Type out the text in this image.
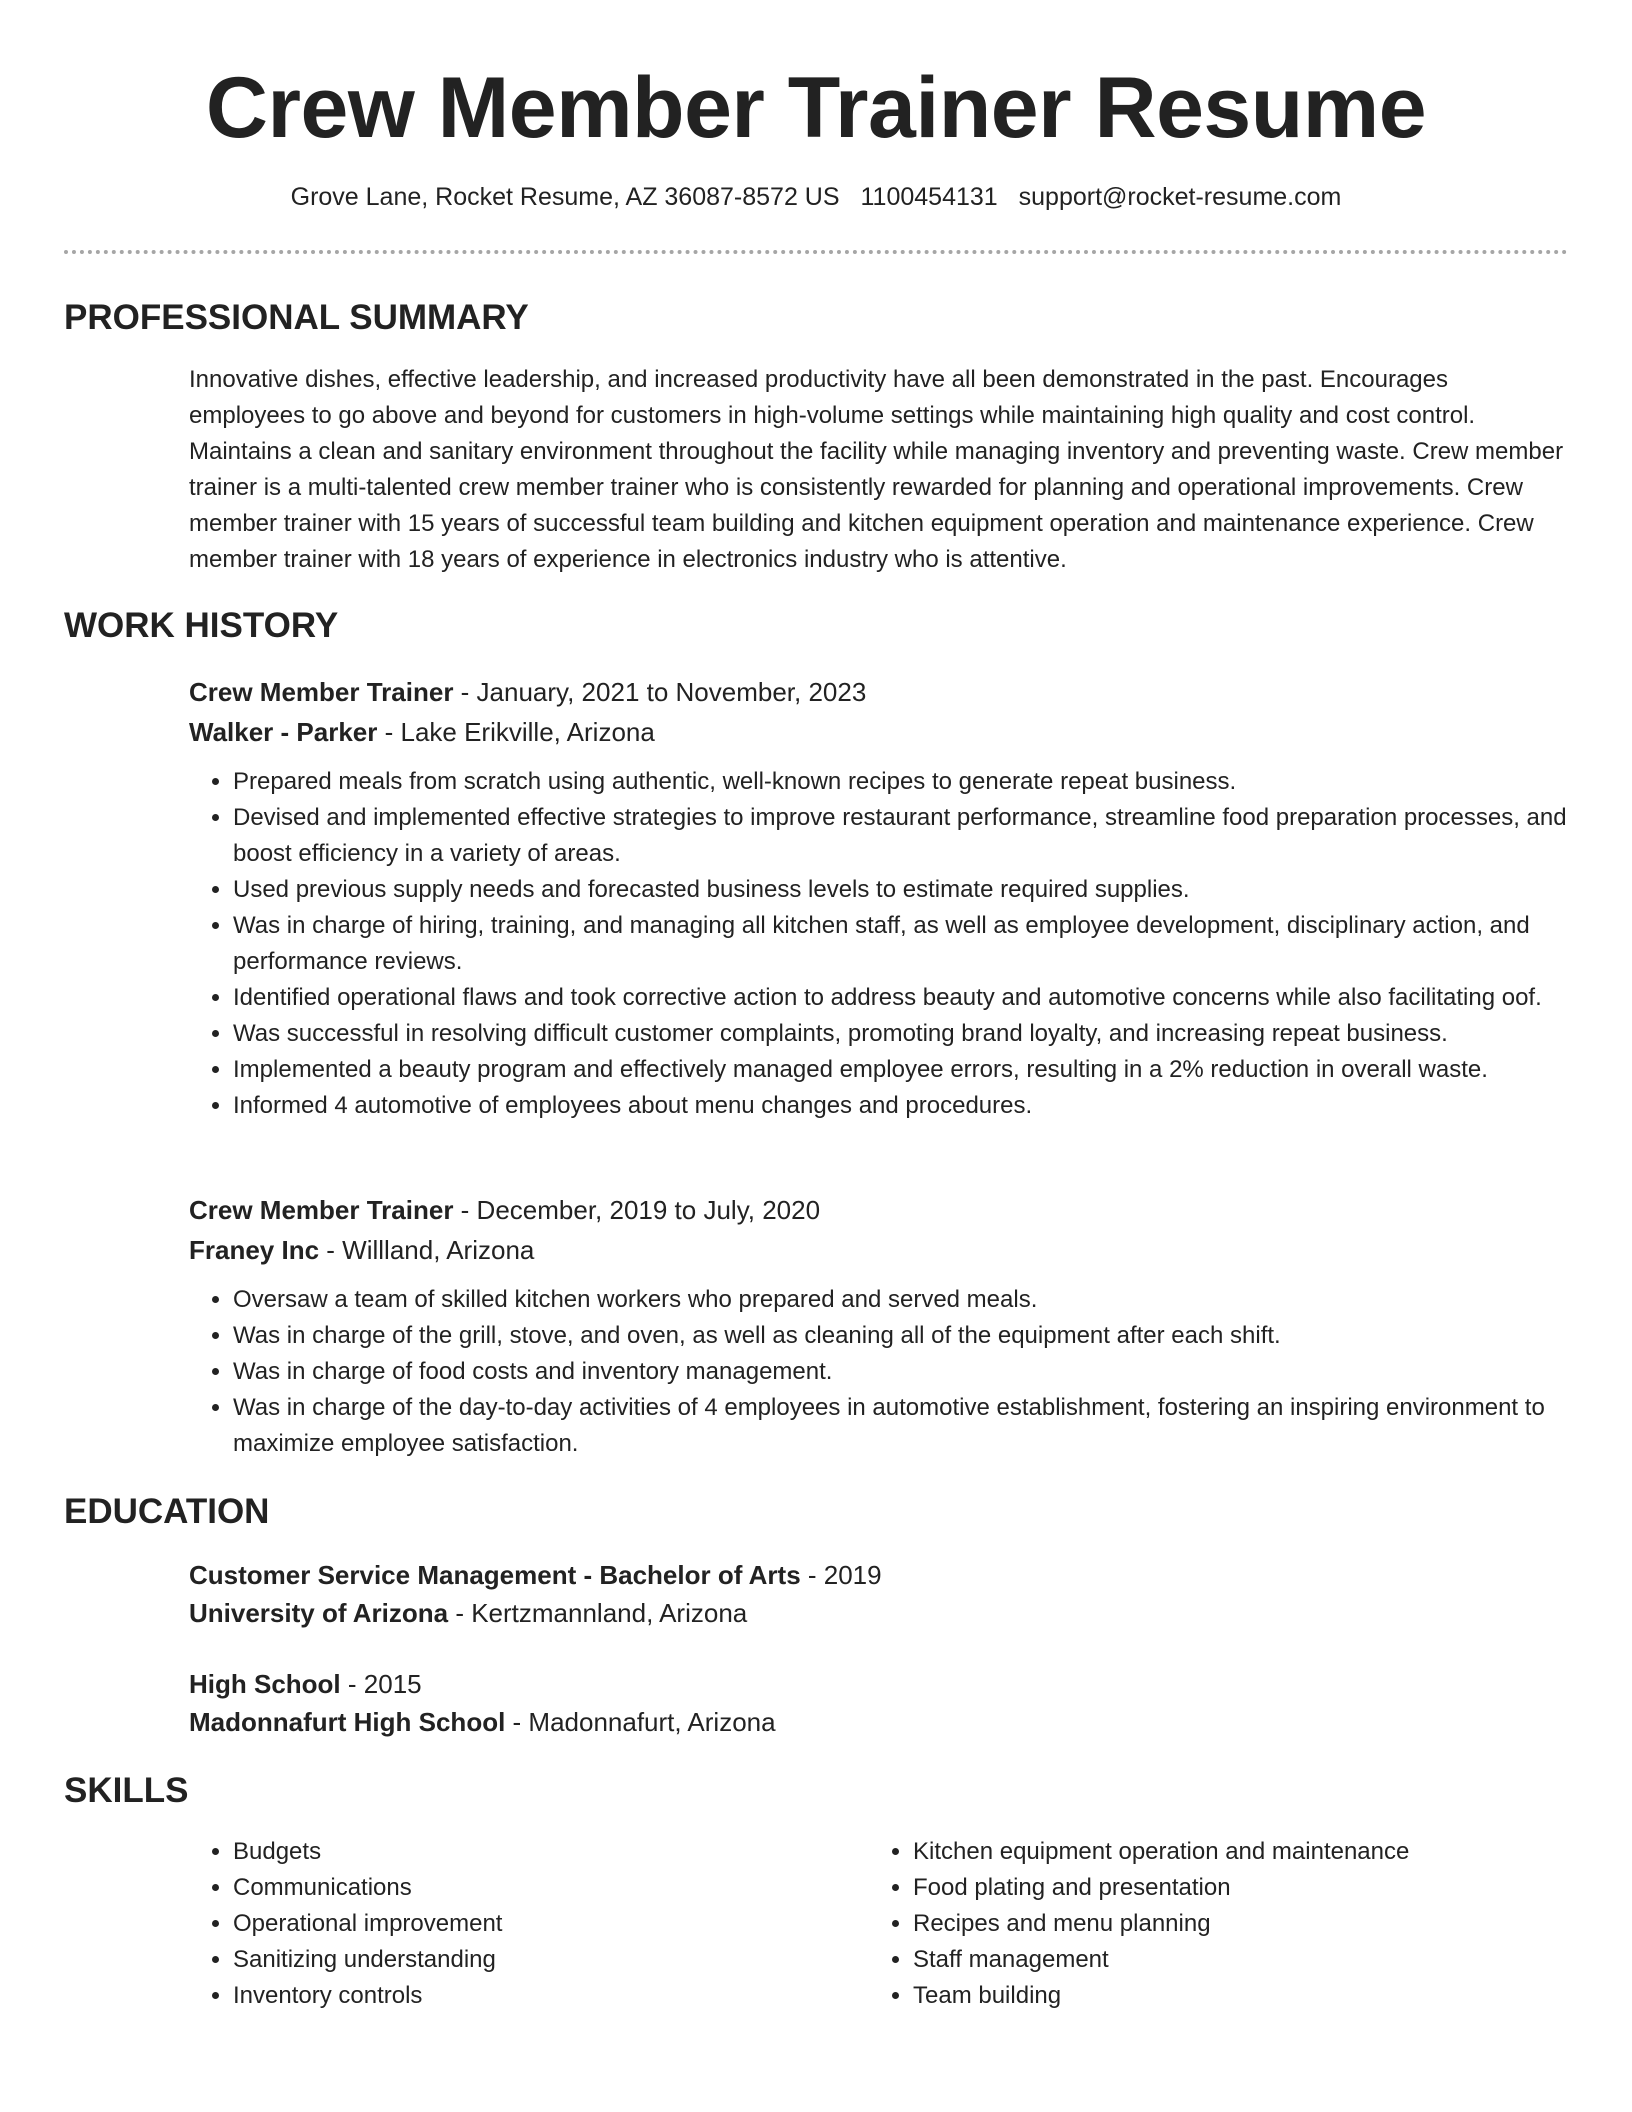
Crew Member Trainer Resume
Grove Lane, Rocket Resume, AZ 36087-8572 US 1100454131 support@rocket-resume.com
PROFESSIONAL SUMMARY
Innovative dishes, effective leadership, and increased productivity have all been demonstrated in the past. Encourages employees to go above and beyond for customers in high-volume settings while maintaining high quality and cost control. Maintains a clean and sanitary environment throughout the facility while managing inventory and preventing waste. Crew member trainer is a multi-talented crew member trainer who is consistently rewarded for planning and operational improvements. Crew member trainer with 15 years of successful team building and kitchen equipment operation and maintenance experience. Crew member trainer with 18 years of experience in electronics industry who is attentive.
WORK HISTORY
Crew Member Trainer - January, 2021 to November, 2023
Walker - Parker - Lake Erikville, Arizona
• Prepared meals from scratch using authentic, well-known recipes to generate repeat business.
• Devised and implemented effective strategies to improve restaurant performance, streamline food preparation processes, and boost efficiency in a variety of areas.
• Used previous supply needs and forecasted business levels to estimate required supplies.
• Was in charge of hiring, training, and managing all kitchen staff, as well as employee development, disciplinary action, and performance reviews.
• Identified operational flaws and took corrective action to address beauty and automotive concerns while also facilitating oof.
• Was successful in resolving difficult customer complaints, promoting brand loyalty, and increasing repeat business.
• Implemented a beauty program and effectively managed employee errors, resulting in a 2% reduction in overall waste.
• Informed 4 automotive of employees about menu changes and procedures.
Crew Member Trainer - December, 2019 to July, 2020
Franey Inc - Willland, Arizona
• Oversaw a team of skilled kitchen workers who prepared and served meals.
• Was in charge of the grill, stove, and oven, as well as cleaning all of the equipment after each shift.
• Was in charge of food costs and inventory management.
• Was in charge of the day-to-day activities of 4 employees in automotive establishment, fostering an inspiring environment to maximize employee satisfaction.
EDUCATION
Customer Service Management - Bachelor of Arts - 2019
University of Arizona - Kertzmannland, Arizona
High School - 2015
Madonnafurt High School - Madonnafurt, Arizona
SKILLS
• Budgets
• Communications
• Operational improvement
• Sanitizing understanding
• Inventory controls
• Kitchen equipment operation and maintenance
• Food plating and presentation
• Recipes and menu planning
• Staff management
• Team building
